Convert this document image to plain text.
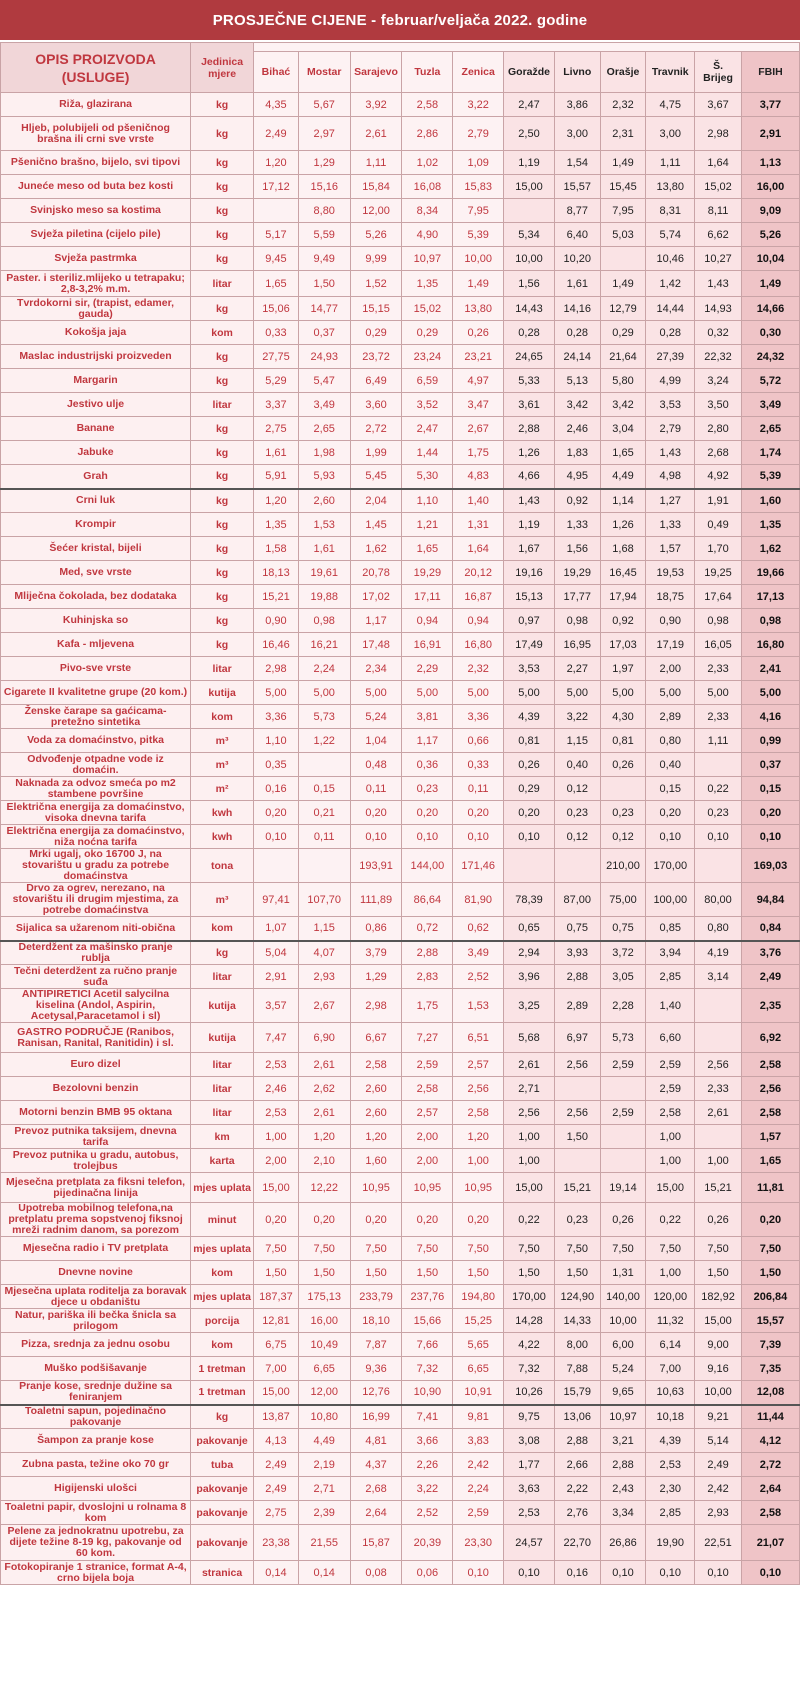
PROSJEČNE CIJENE - februar/veljača 2022. godine
OPIS PROIZVODA (USLUGE)	Jedinica mjere											
		Bihać	Mostar	Sarajevo	Tuzla	Zenica	Goražde	Livno	Orašje	Travnik	Š. Brijeg	FBIH
Riža, glazirana	kg	4,35	5,67	3,92	2,58	3,22	2,47	3,86	2,32	4,75	3,67	3,77
Hljeb, polubijeli od pšeničnog brašna ili crni sve vrste	kg	2,49	2,97	2,61	2,86	2,79	2,50	3,00	2,31	3,00	2,98	2,91
Pšenično brašno, bijelo, svi tipovi	kg	1,20	1,29	1,11	1,02	1,09	1,19	1,54	1,49	1,11	1,64	1,13
Juneće meso od buta bez kosti	kg	17,12	15,16	15,84	16,08	15,83	15,00	15,57	15,45	13,80	15,02	16,00
Svinjsko meso sa kostima	kg		8,80	12,00	8,34	7,95		8,77	7,95	8,31	8,11	9,09
Svježa piletina (cijelo pile)	kg	5,17	5,59	5,26	4,90	5,39	5,34	6,40	5,03	5,74	6,62	5,26
Svježa pastrmka	kg	9,45	9,49	9,99	10,97	10,00	10,00	10,20		10,46	10,27	10,04
Paster. i steriliz.mlijeko u tetrapaku; 2,8-3,2% m.m.	litar	1,65	1,50	1,52	1,35	1,49	1,56	1,61	1,49	1,42	1,43	1,49
Tvrdokorni sir, (trapist, edamer, gauda)	kg	15,06	14,77	15,15	15,02	13,80	14,43	14,16	12,79	14,44	14,93	14,66
Kokošja jaja	kom	0,33	0,37	0,29	0,29	0,26	0,28	0,28	0,29	0,28	0,32	0,30
Maslac industrijski proizveden	kg	27,75	24,93	23,72	23,24	23,21	24,65	24,14	21,64	27,39	22,32	24,32
Margarin	kg	5,29	5,47	6,49	6,59	4,97	5,33	5,13	5,80	4,99	3,24	5,72
Jestivo ulje	litar	3,37	3,49	3,60	3,52	3,47	3,61	3,42	3,42	3,53	3,50	3,49
Banane	kg	2,75	2,65	2,72	2,47	2,67	2,88	2,46	3,04	2,79	2,80	2,65
Jabuke	kg	1,61	1,98	1,99	1,44	1,75	1,26	1,83	1,65	1,43	2,68	1,74
Grah	kg	5,91	5,93	5,45	5,30	4,83	4,66	4,95	4,49	4,98	4,92	5,39
Crni luk	kg	1,20	2,60	2,04	1,10	1,40	1,43	0,92	1,14	1,27	1,91	1,60
Krompir	kg	1,35	1,53	1,45	1,21	1,31	1,19	1,33	1,26	1,33	0,49	1,35
Šećer kristal, bijeli	kg	1,58	1,61	1,62	1,65	1,64	1,67	1,56	1,68	1,57	1,70	1,62
Med, sve vrste	kg	18,13	19,61	20,78	19,29	20,12	19,16	19,29	16,45	19,53	19,25	19,66
Mliječna čokolada, bez dodataka	kg	15,21	19,88	17,02	17,11	16,87	15,13	17,77	17,94	18,75	17,64	17,13
Kuhinjska so	kg	0,90	0,98	1,17	0,94	0,94	0,97	0,98	0,92	0,90	0,98	0,98
Kafa - mljevena	kg	16,46	16,21	17,48	16,91	16,80	17,49	16,95	17,03	17,19	16,05	16,80
Pivo-sve vrste	litar	2,98	2,24	2,34	2,29	2,32	3,53	2,27	1,97	2,00	2,33	2,41
Cigarete II kvalitetne grupe (20 kom.)	kutija	5,00	5,00	5,00	5,00	5,00	5,00	5,00	5,00	5,00	5,00	5,00
Ženske čarape sa gaćicama-pretežno sintetika	kom	3,36	5,73	5,24	3,81	3,36	4,39	3,22	4,30	2,89	2,33	4,16
Voda za domaćinstvo, pitka	m³	1,10	1,22	1,04	1,17	0,66	0,81	1,15	0,81	0,80	1,11	0,99
Odvođenje otpadne vode iz domaćin.	m³	0,35		0,48	0,36	0,33	0,26	0,40	0,26	0,40		0,37
Naknada za odvoz smeća po m2 stambene površine	m²	0,16	0,15	0,11	0,23	0,11	0,29	0,12		0,15	0,22	0,15
Električna energija za domaćinstvo, visoka dnevna tarifa	kwh	0,20	0,21	0,20	0,20	0,20	0,20	0,23	0,23	0,20	0,23	0,20
Električna energija za domaćinstvo, niža noćna tarifa	kwh	0,10	0,11	0,10	0,10	0,10	0,10	0,12	0,12	0,10	0,10	0,10
Mrki ugalj, oko 16700 J, na stovarištu u gradu za potrebe domaćinstva	tona			193,91	144,00	171,46			210,00	170,00		169,03
Drvo za ogrev, nerezano, na stovarištu ili drugim mjestima, za potrebe domaćinstva	m³	97,41	107,70	111,89	86,64	81,90	78,39	87,00	75,00	100,00	80,00	94,84
Sijalica sa užarenom niti-obična	kom	1,07	1,15	0,86	0,72	0,62	0,65	0,75	0,75	0,85	0,80	0,84
Deterdžent za mašinsko pranje rublja	kg	5,04	4,07	3,79	2,88	3,49	2,94	3,93	3,72	3,94	4,19	3,76
Tečni deterdžent za ručno pranje suđa	litar	2,91	2,93	1,29	2,83	2,52	3,96	2,88	3,05	2,85	3,14	2,49
ANTIPIRETICI Acetil salycilna kiselina (Andol, Aspirin, Acetysal,Paracetamol i sl)	kutija	3,57	2,67	2,98	1,75	1,53	3,25	2,89	2,28	1,40		2,35
GASTRO PODRUČJE (Ranibos, Ranisan, Ranital, Ranitidin) i sl.	kutija	7,47	6,90	6,67	7,27	6,51	5,68	6,97	5,73	6,60		6,92
Euro dizel	litar	2,53	2,61	2,58	2,59	2,57	2,61	2,56	2,59	2,59	2,56	2,58
Bezolovni benzin	litar	2,46	2,62	2,60	2,58	2,56	2,71			2,59	2,33	2,56
Motorni benzin BMB 95 oktana	litar	2,53	2,61	2,60	2,57	2,58	2,56	2,56	2,59	2,58	2,61	2,58
Prevoz putnika taksijem, dnevna tarifa	km	1,00	1,20	1,20	2,00	1,20	1,00	1,50		1,00		1,57
Prevoz putnika u gradu, autobus, trolejbus	karta	2,00	2,10	1,60	2,00	1,00	1,00			1,00	1,00	1,65
Mjesečna pretplata za fiksni telefon, pijedinačna linija	mjes uplata	15,00	12,22	10,95	10,95	10,95	15,00	15,21	19,14	15,00	15,21	11,81
Upotreba mobilnog telefona,na pretplatu prema sopstvenoj fiksnoj mreži radnim danom, sa porezom	minut	0,20	0,20	0,20	0,20	0,20	0,22	0,23	0,26	0,22	0,26	0,20
Mjesečna radio i TV pretplata	mjes uplata	7,50	7,50	7,50	7,50	7,50	7,50	7,50	7,50	7,50	7,50	7,50
Dnevne novine	kom	1,50	1,50	1,50	1,50	1,50	1,50	1,50	1,31	1,00	1,50	1,50
Mjesečna uplata roditelja za boravak djece u obdaništu	mjes uplata	187,37	175,13	233,79	237,76	194,80	170,00	124,90	140,00	120,00	182,92	206,84
Natur, pariška ili bečka šnicla sa prilogom	porcija	12,81	16,00	18,10	15,66	15,25	14,28	14,33	10,00	11,32	15,00	15,57
Pizza, srednja za jednu osobu	kom	6,75	10,49	7,87	7,66	5,65	4,22	8,00	6,00	6,14	9,00	7,39
Muško podšišavanje	1 tretman	7,00	6,65	9,36	7,32	6,65	7,32	7,88	5,24	7,00	9,16	7,35
Pranje kose, srednje dužine sa feniranjem	1 tretman	15,00	12,00	12,76	10,90	10,91	10,26	15,79	9,65	10,63	10,00	12,08
Toaletni sapun, pojedinačno pakovanje	kg	13,87	10,80	16,99	7,41	9,81	9,75	13,06	10,97	10,18	9,21	11,44
Šampon za pranje kose	pakovanje	4,13	4,49	4,81	3,66	3,83	3,08	2,88	3,21	4,39	5,14	4,12
Zubna pasta, težine oko 70 gr	tuba	2,49	2,19	4,37	2,26	2,42	1,77	2,66	2,88	2,53	2,49	2,72
Higijenski ulošci	pakovanje	2,49	2,71	2,68	3,22	2,24	3,63	2,22	2,43	2,30	2,42	2,64
Toaletni papir, dvoslojni u rolnama 8 kom	pakovanje	2,75	2,39	2,64	2,52	2,59	2,53	2,76	3,34	2,85	2,93	2,58
Pelene za jednokratnu upotrebu, za dijete težine 8-19 kg, pakovanje od 60 kom.	pakovanje	23,38	21,55	15,87	20,39	23,30	24,57	22,70	26,86	19,90	22,51	21,07
Fotokopiranje 1 stranice, format A-4, crno bijela boja	stranica	0,14	0,14	0,08	0,06	0,10	0,10	0,16	0,10	0,10	0,10	0,10
